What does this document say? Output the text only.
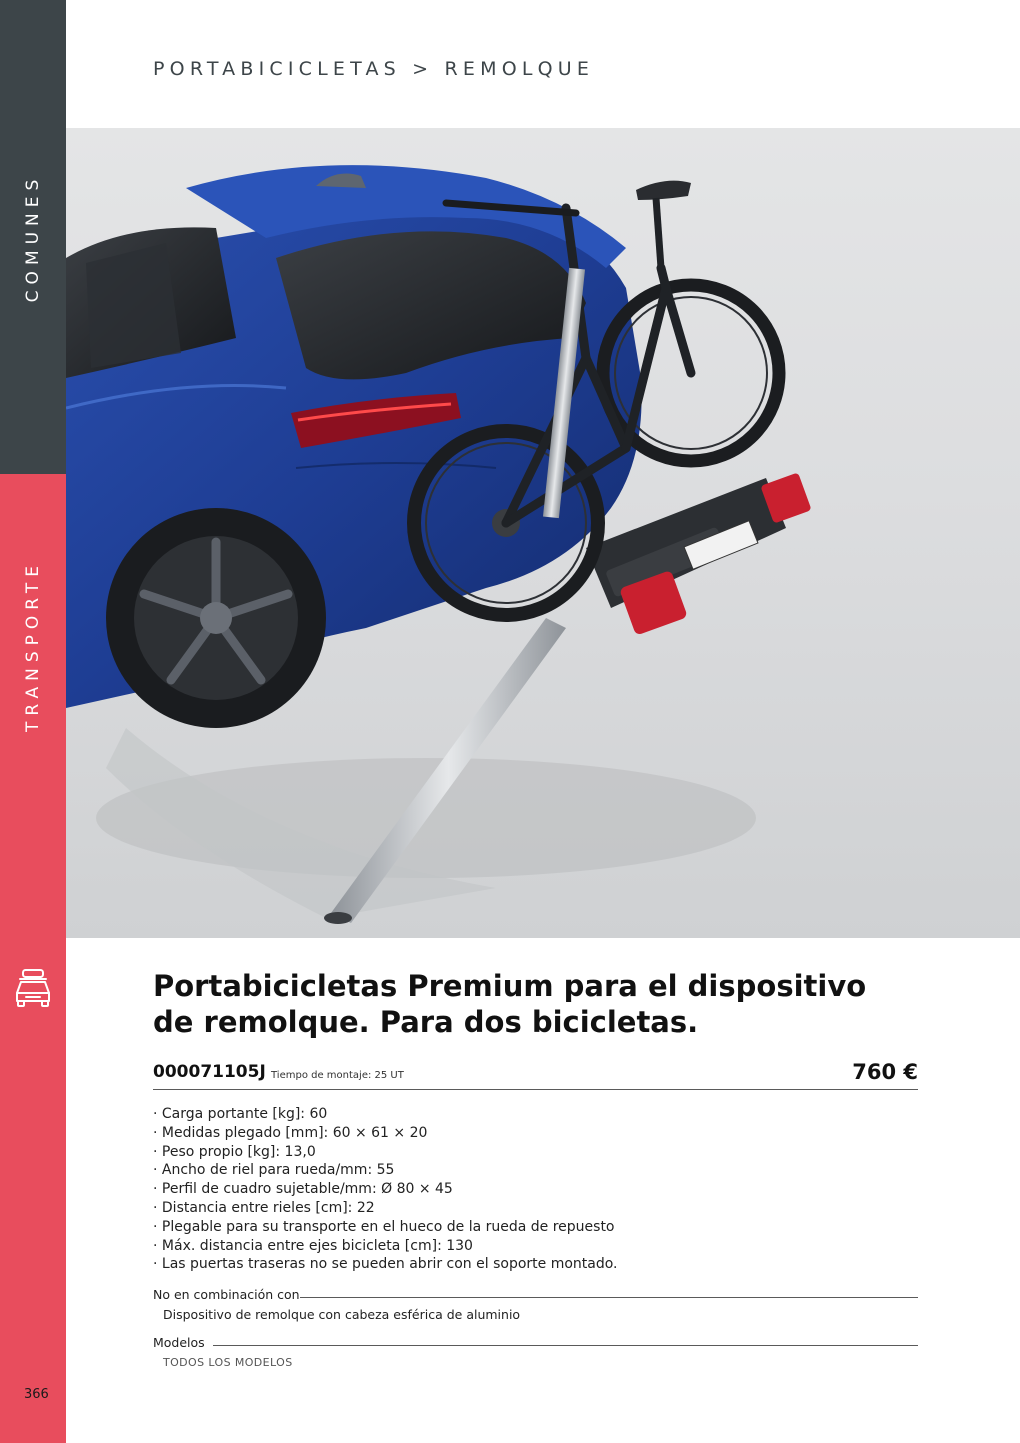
COMUNES
TRANSPORTE
366
PORTABICICLETAS > REMOLQUE
Portabicicletas Premium para el dispositivo de remolque. Para dos bicicletas.
000071105J Tiempo de montaje: 25 UT	760 €
· Carga portante [kg]: 60
· Medidas plegado [mm]: 60 × 61 × 20
· Peso propio [kg]: 13,0
· Ancho de riel para rueda/mm: 55
· Perfil de cuadro sujetable/mm: Ø 80 × 45
· Distancia entre rieles [cm]: 22
· Plegable para su transporte en el hueco de la rueda de repuesto
· Máx. distancia entre ejes bicicleta [cm]: 130
· Las puertas traseras no se pueden abrir con el soporte montado.
No en combinación con
Dispositivo de remolque con cabeza esférica de aluminio
Modelos
TODOS LOS MODELOS
